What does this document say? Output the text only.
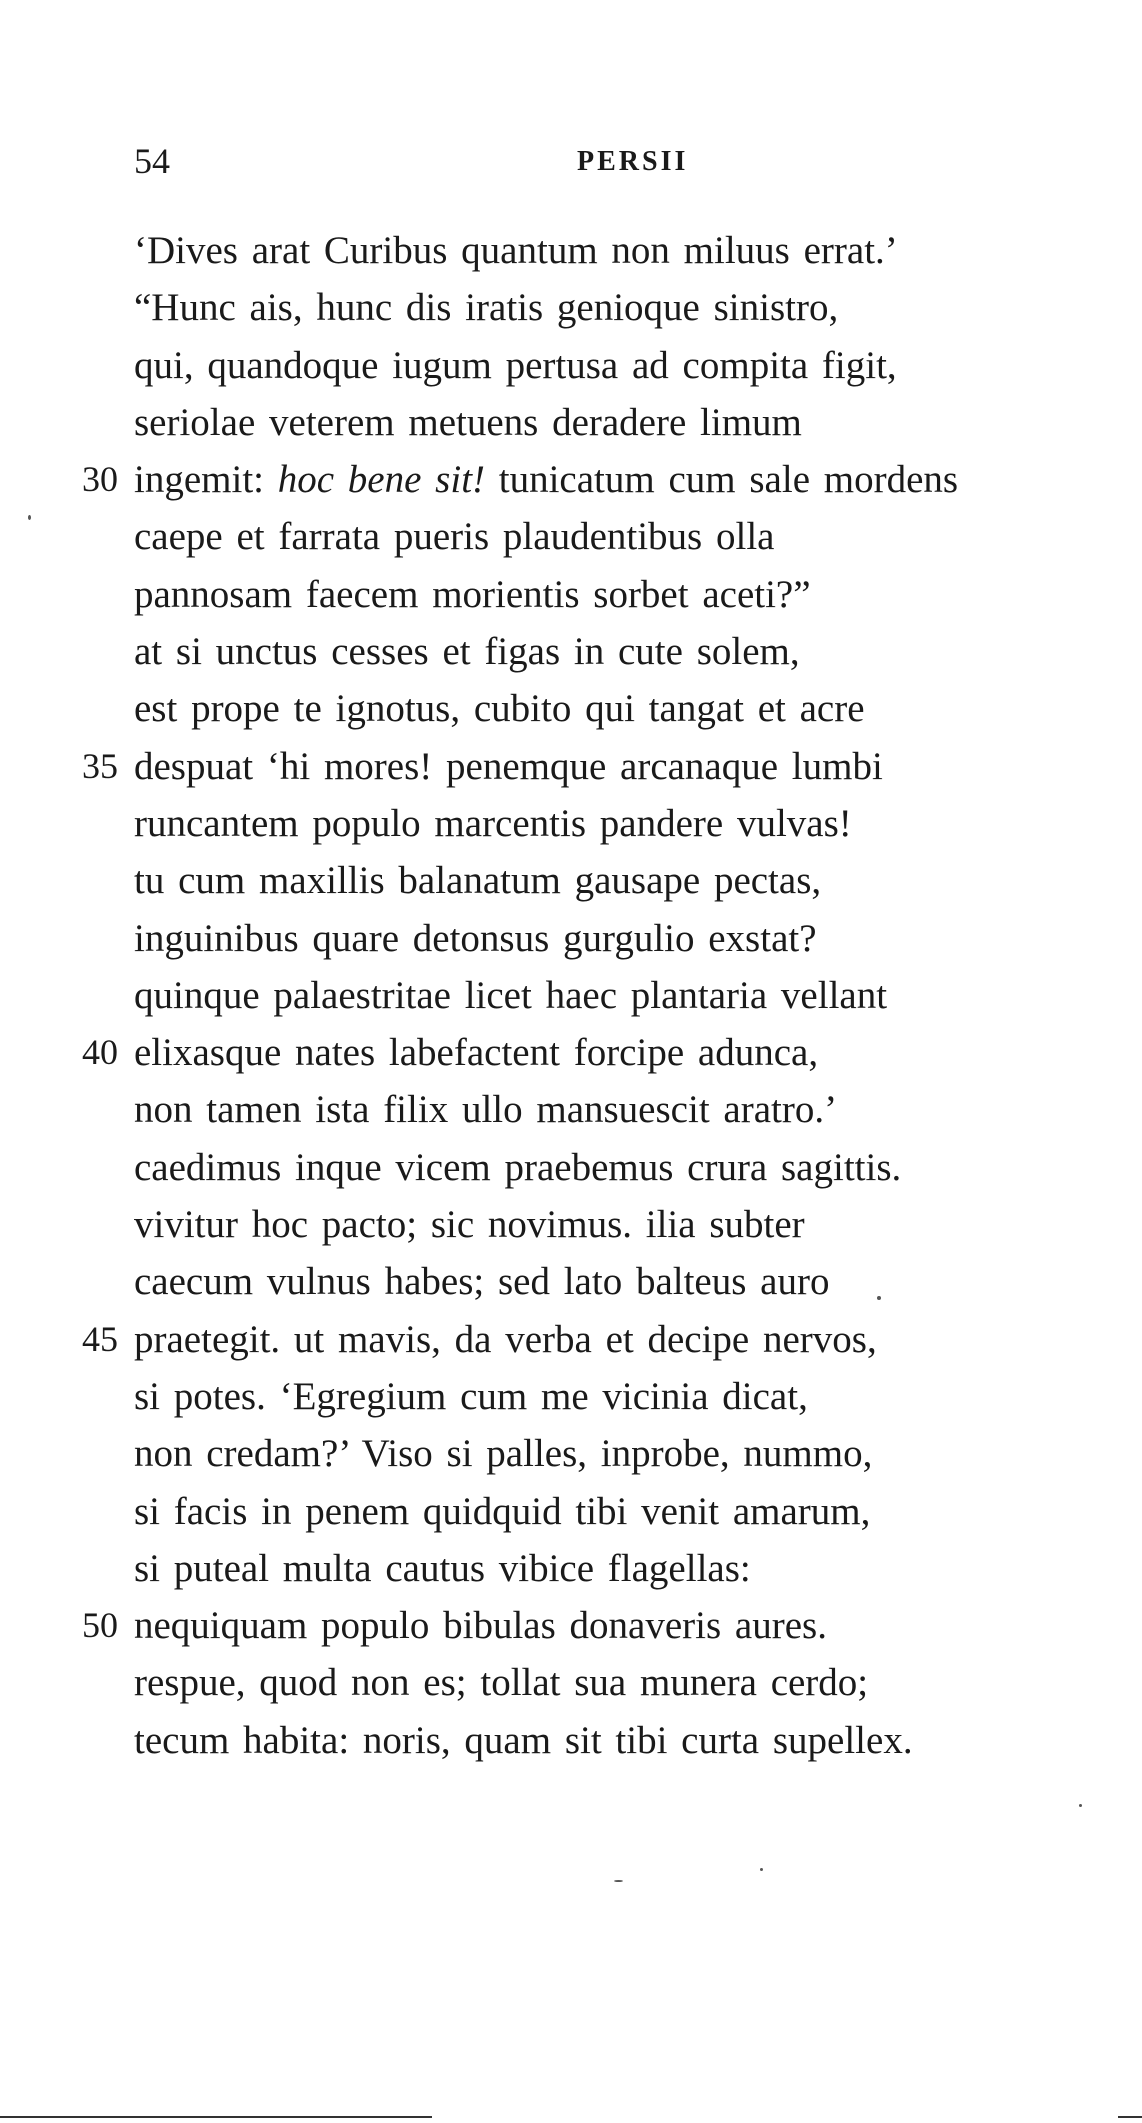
54	PERSII
‘Dives arat Curibus quantum non miluus errat.’
“Hunc ais, hunc dis iratis genioque sinistro,
qui, quandoque iugum pertusa ad compita figit,
seriolae veterem metuens deradere limum
30 ingemit: hoc bene sit! tunicatum cum sale mordens
caepe et farrata pueris plaudentibus olla
pannosam faecem morientis sorbet aceti?”
at si unctus cesses et figas in cute solem,
est prope te ignotus, cubito qui tangat et acre
35 despuat ‘hi mores! penemque arcanaque lumbi
runcantem populo marcentis pandere vulvas!
tu cum maxillis balanatum gausape pectas,
inguinibus quare detonsus gurgulio exstat?
quinque palaestritae licet haec plantaria vellant
40 elixasque nates labefactent forcipe adunca,
non tamen ista filix ullo mansuescit aratro.’
caedimus inque vicem praebemus crura sagittis.
vivitur hoc pacto; sic novimus. ilia subter
caecum vulnus habes; sed lato balteus auro
45 praetegit. ut mavis, da verba et decipe nervos,
si potes. ‘Egregium cum me vicinia dicat,
non credam?’ Viso si palles, inprobe, nummo,
si facis in penem quidquid tibi venit amarum,
si puteal multa cautus vibice flagellas:
50 nequiquam populo bibulas donaveris aures.
respue, quod non es; tollat sua munera cerdo;
tecum habita: noris, quam sit tibi curta supellex.
